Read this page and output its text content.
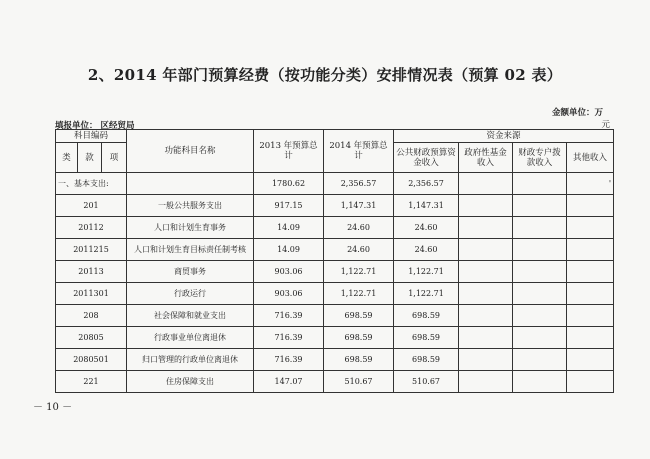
2、2014 年部门预算经费（按功能分类）安排情况表（预算 02 表）
金额单位：万
元
填报单位： 区经贸局
科目编码			功能科目名称	2013 年预算总计	2014 年预算总计	资金来源			
类	款	项				公共财政预算资金收入	政府性基金收入	财政专户拨款收入	其他收入
一、基本支出:				1780.62	2,356.57	2,356.57			'
201			一般公共服务支出	917.15	1,147.31	1,147.31			
20112			人口和计划生育事务	14.09	24.60	24.60			
2011215			人口和计划生育目标责任制考核	14.09	24.60	24.60			
20113			商贸事务	903.06	1,122.71	1,122.71			
2011301			行政运行	903.06	1,122.71	1,122.71			
208			社会保障和就业支出	716.39	698.59	698.59			
20805			行政事业单位离退休	716.39	698.59	698.59			
2080501			归口管理的行政单位离退休	716.39	698.59	698.59			
221			住房保障支出	147.07	510.67	510.67			
－ 10 －
